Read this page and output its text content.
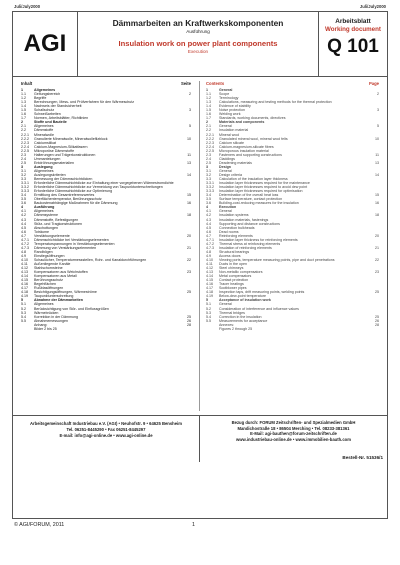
Juli/July2000	Juli/July2000
AGI
Dämmarbeiten an Kraftwerkskomponenten
Ausführung
Insulation work on power plant components
Execution
Arbeitsblatt
Working document
Q 101
Inhalt	Seite
1	Allgemeines
1.1	Geltungsbereich	2
1.2	Begriffe
1.3	Berechnungen, Mess- und Prüfverfahren für den Wärmeschutz
1.4	Nachweis der Standsicherheit
1.5	Schallschutz	3
1.6	Schweißarbeiten
1.7	Normen, Arbeitsblätter, Richtlinien
2	Stoffe und Bauteile
2.1	Allgemeines	5
2.2	Dämmstoffe
2.2.1	Mineralwolle
2.2.2	Granulierte Mineralwolle, Mineralwollefilzblock	10
2.2.3	Calciumsilikat
2.2.4	Calcium-Magnesium-Silikatfasern
2.2.5	Mikroporöse Dämmstoffe
2.3	Halterungen und Trägerkonstruktionen	11
2.4	Ummantelungen
2.5	Entdröhnungsmaterialien	13
3	Auslegung
3.1	Allgemeines
3.2	Auslegungskriterien	14
3.3	Bemessung der Dämmschichtdicken
3.3.1	Erforderliche Dämmschichtdicke zur Einhaltung einer vorgegebenen Wärmestromdichte
3.3.2	Erforderliche Dämmschichtdicke zur Vermeidung von Taupunktunterschreitungen
3.3.3	Erforderliche Dämmschichtdicke zur Optimierung
3.4	Ermittlung des Gesamtreferenzwertes	15
3.5	Oberflächentemperatur, Berührungsschutz
3.6	Baukostenabhängige Maßnahmen für die Dämmung	16
4	Ausführung
4.1	Allgemeines
4.2	Dämmsysteme	18
4.3	Dämmstoffe, Befestigungen
4.4	Stütz- und Tragkonstruktionen
4.5	Abschottungen
4.6	Toträume
4.7	Verstärkungselemente	20
4.7.1	Dämmschichtdicke bei Verstärkungselementen
4.7.2	Temperaturspannungen in Verstärkungselementen
4.7.3	Dämmung von Verstärkungselementen	21
4.8	Randbögen
4.9	Einstiegsöffnungen
4.10	Schaulöcher, Temperaturmessstellen, Rohr- und Kanaldurchführungen	22
4.11	Außenliegende Kanäle
4.12	Stahlschornsteine
4.13	Kompensatoren aus Weichstoffen	23
4.14	Kompensatoren aus Metall
4.15	Berührungsschutz
4.16	Begehflächen
4.17	Rußblasöffnungen
4.18	Besichtigungsöffnungen, Wärmeströme	25
4.19	Taupunktunterschreitung
5	Abnahme der Dämmarbeiten
5.1	Allgemeines
5.2	Berücksichtigung von Stör- und Einflussgrößen
5.3	Wärmebrücken
5.4	Korrektion in der Dämmung	25
5.5	Abnahmemessungen	26
Anhang:	28
Bilder 2 bis 25
Contents	Page
1	General
1.1	Scope	2
1.2	Terminology
1.3	Calculations, measuring and testing methods for the thermal protection
1.4	Evidence of stability
1.5	Noise protection	3
1.6	Welding work
1.7	Standards, working documents, directives
2	Materials and components
2.1	General	5
2.2	Insulation material
2.2.1	Mineral wool
2.2.2	Granulated mineral wool, mineral wool felts	10
2.2.3	Calcium silicate
2.2.4	Calcium-magnesium-silicate fibres
2.2.5	Microporous insulation material
2.3	Fasteners and supporting constructions	11
2.4	Claddings
2.5	Deadening materials	13
3	Design
3.1	General
3.2	Design criteria	14
3.3	Calculation of the insulation layer thickness
3.3.1	Insulation layer thicknesses required for the maintenance
3.3.2	Insulation layer thicknesses required to avoid dew point
3.3.3	Insulation layer thicknesses required for optimisation
3.4	Determination of the overall heat loss	15
3.5	Surface temperature, contact protection
3.6	Building-cost-reducing measures for the insulation	16
4	Execution
4.1	General
4.2	Insulation systems	18
4.3	Insulation materials, fastenings
4.4	Supporting and distance constructions
4.5	Connection bulkheads
4.6	Dead rooms
4.7	Reinforcing elements	20
4.7.1	Insulation layer thickness for reinforcing elements
4.7.2	Thermal stress at reinforcing elements
4.7.3	Insulation of reinforcing elements	21
4.8	Structural bearings
4.9	Access doors
4.10	Viewing ports, temperature measuring points, pipe and duct penetrations	22
4.11	Ducts in the open
4.12	Steel chimneys
4.13	Non-metallic compensators	23
4.14	Metal compensators
4.15	Contact protection
4.16	Tracer heatings
4.17	Sootblower pipes
4.18	Inspection taps, drift measuring points, welding points	25
4.19	Below-dew-point temperature
5	Acceptance of insulation work
5.1	General
5.2	Consideration of interference and influence values
5.3	Thermal bridges
5.4	Correction in the insulation	25
5.5	Measurements for acceptance	26
Annexes:	28
Figures 2 through 25
Arbeitsgemeinschaft Industriebau e.V. (AGI) • Neuhofstr. 9 • 64625 Bensheim
Tel. 06251-8445290 • Fax 06251-8445297
E-mail: info@agi-online.de • www.agi-online.de
Bezug durch: FORUM Zeitschriften- und Spezialmedien GmbH
Mandichostraße 18 • 86504 Merching • Tel. 08233-381361
E-Mail: agi-bauthen@forum-zeitschriften.de
www.industriebau-online.de • www.immobilien-bauth.com
Bestell-Nr. 51536/1
© AGI/FORUM, 2011	1
